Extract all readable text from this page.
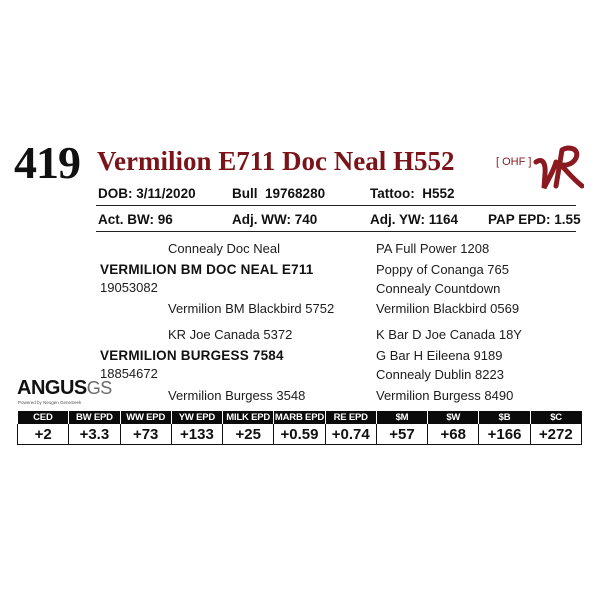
419 Vermilion E711 Doc Neal H552	[ OHF ]
DOB: 3/11/2020	Bull 19768280	Tattoo: H552
Act. BW: 96	Adj. WW: 740	Adj. YW: 1164 PAP EPD: 1.55
Connealy Doc Neal
VERMILION BM DOC NEAL E711
19053082
Vermilion BM Blackbird 5752
KR Joe Canada 5372
VERMILION BURGESS 7584
18854672
Vermilion Burgess 3548
PA Full Power 1208
Poppy of Conanga 765
Connealy Countdown
Vermilion Blackbird 0569
K Bar D Joe Canada 18Y
G Bar H Eileena 9189
Connealy Dublin 8223
Vermilion Burgess 8490
ANGUSGS
Powered by Neogen GeneSeek
CED	BW EPD	WW EPD	YW EPD	MILK EPD	MARB EPD	RE EPD	$M	$W	$B	$C
+2	+3.3	+73	+133	+25	+0.59	+0.74	+57	+68	+166	+272
